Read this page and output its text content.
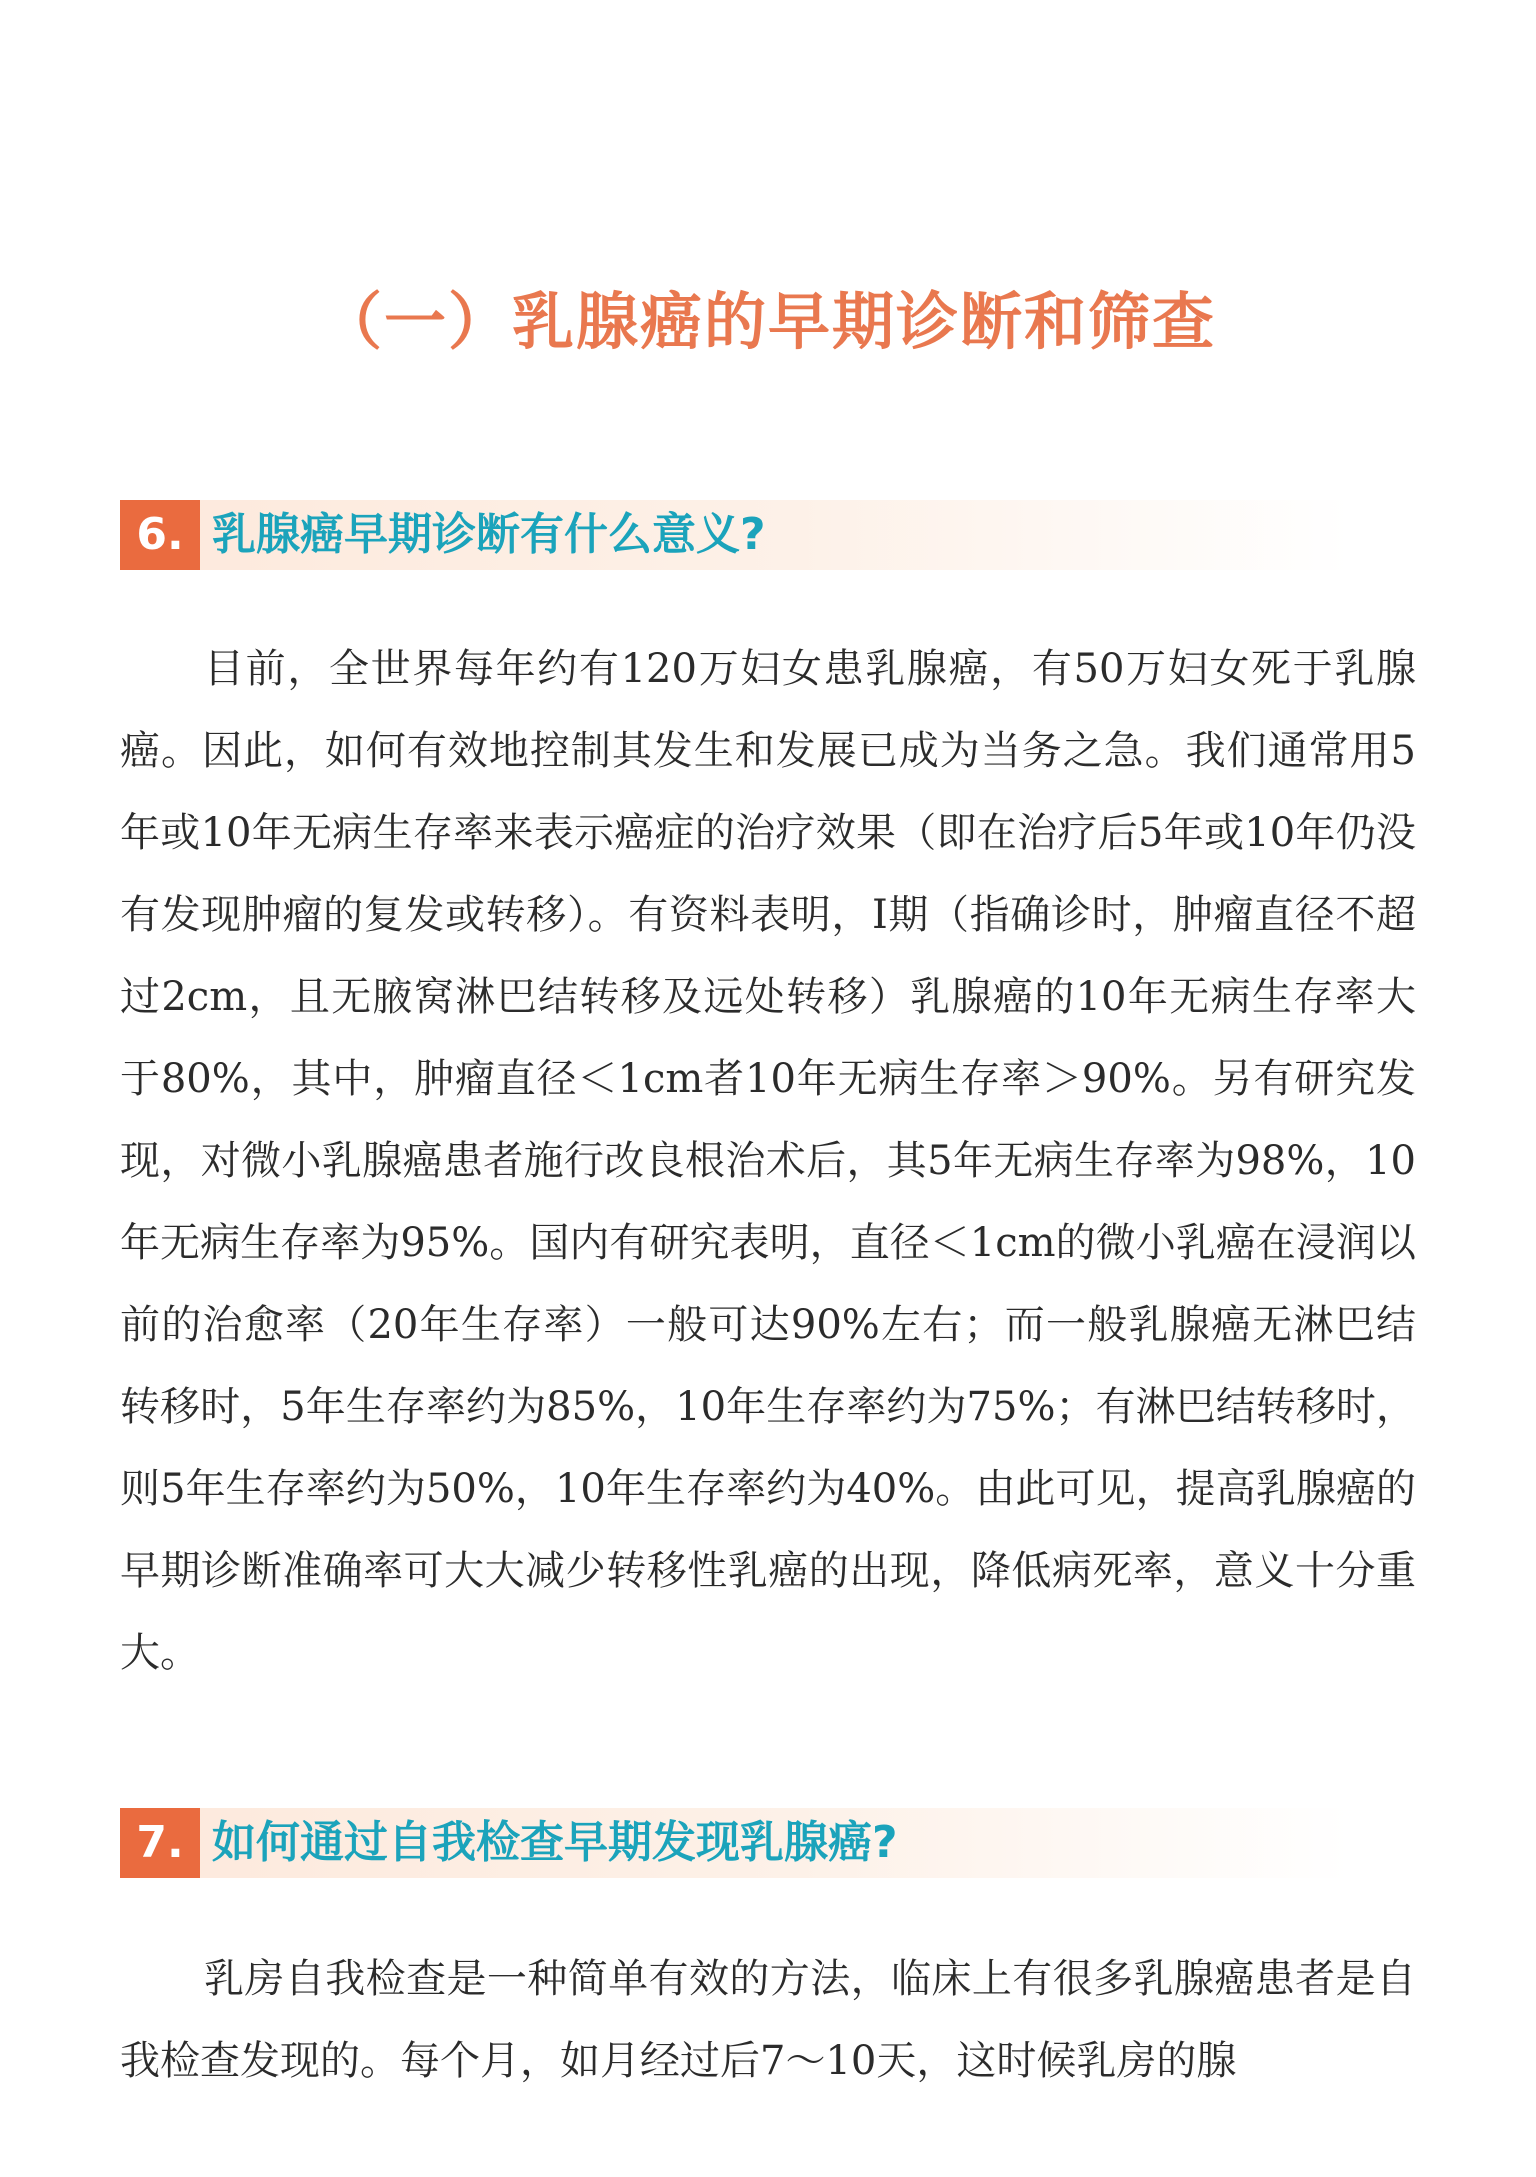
（一）乳腺癌的早期诊断和筛查
6. 乳腺癌早期诊断有什么意义?

目前，全世界每年约有120万妇女患乳腺癌，有50万妇女死于乳腺癌。因此，如何有效地控制其发生和发展已成为当务之急。我们通常用5年或10年无病生存率来表示癌症的治疗效果（即在治疗后5年或10年仍没有发现肿瘤的复发或转移）。有资料表明，Ⅰ期（指确诊时，肿瘤直径不超过2cm，且无腋窝淋巴结转移及远处转移）乳腺癌的10年无病生存率大于80%，其中，肿瘤直径＜1cm者10年无病生存率＞90%。另有研究发现，对微小乳腺癌患者施行改良根治术后，其5年无病生存率为98%，10年无病生存率为95%。国内有研究表明，直径＜1cm的微小乳癌在浸润以前的治愈率（20年生存率）一般可达90%左右；而一般乳腺癌无淋巴结转移时，5年生存率约为85%，10年生存率约为75%；有淋巴结转移时，则5年生存率约为50%，10年生存率约为40%。由此可见，提高乳腺癌的早期诊断准确率可大大减少转移性乳癌的出现，降低病死率，意义十分重大。

7. 如何通过自我检查早期发现乳腺癌?

乳房自我检查是一种简单有效的方法，临床上有很多乳腺癌患者是自我检查发现的。每个月，如月经过后7～10天，这时候乳房的腺
